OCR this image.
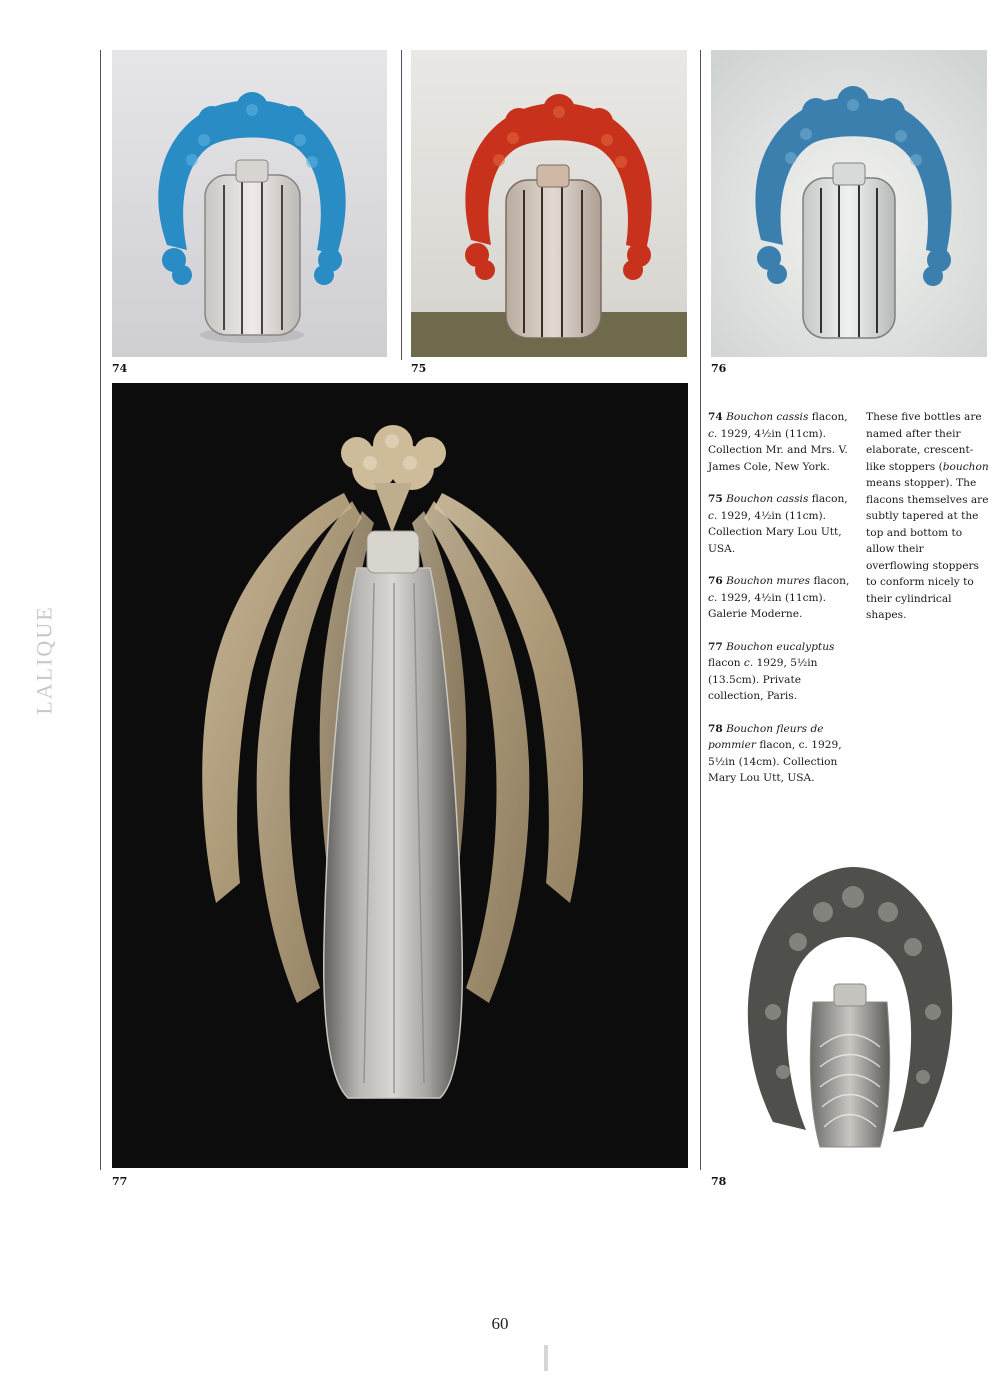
LALIQUE
74	75	76
77

74 Bouchon cassis flacon, c. 1929, 4½in (11cm). Collection Mr. and Mrs. V. James Cole, New York.

75 Bouchon cassis flacon, c. 1929, 4½in (11cm). Collection Mary Lou Utt, USA.

76 Bouchon mures flacon, c. 1929, 4½in (11cm). Galerie Moderne.

77 Bouchon eucalyptus flacon c. 1929, 5½in (13.5cm). Private collection, Paris.

78 Bouchon fleurs de pommier flacon, c. 1929, 5½in (14cm). Collection Mary Lou Utt, USA.

These five bottles are named after their elaborate, crescent-like stoppers (bouchon means stopper). The flacons themselves are subtly tapered at the top and bottom to allow their overflowing stoppers to conform nicely to their cylindrical shapes.
78
60
